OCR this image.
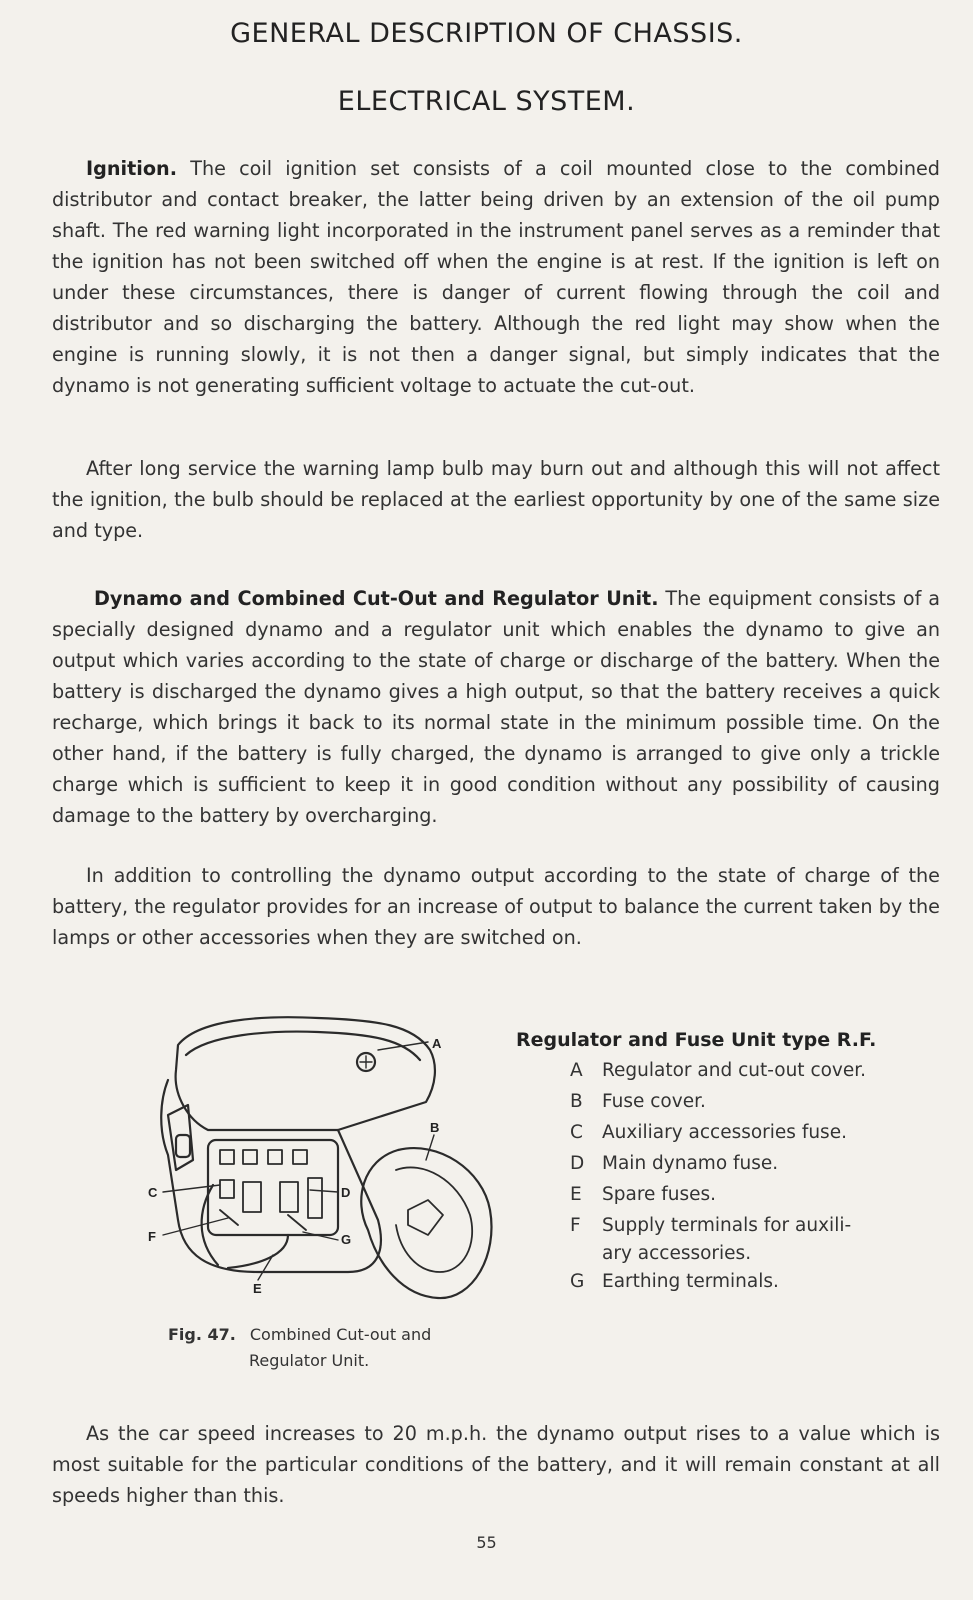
GENERAL DESCRIPTION OF CHASSIS.
ELECTRICAL SYSTEM.

Ignition. The coil ignition set consists of a coil mounted close to the combined distributor and contact breaker, the latter being driven by an extension of the oil pump shaft. The red warning light incorporated in the instrument panel serves as a reminder that the ignition has not been switched off when the engine is at rest. If the ignition is left on under these circumstances, there is danger of current flowing through the coil and distributor and so discharging the battery. Although the red light may show when the engine is running slowly, it is not then a danger signal, but simply indicates that the dynamo is not generating sufficient voltage to actuate the cut-out.

After long service the warning lamp bulb may burn out and although this will not affect the ignition, the bulb should be replaced at the earliest opportunity by one of the same size and type.

Dynamo and Combined Cut-Out and Regulator Unit. The equipment consists of a specially designed dynamo and a regulator unit which enables the dynamo to give an output which varies according to the state of charge or discharge of the battery. When the battery is discharged the dynamo gives a high output, so that the battery receives a quick recharge, which brings it back to its normal state in the minimum possible time. On the other hand, if the battery is fully charged, the dynamo is arranged to give only a trickle charge which is sufficient to keep it in good condition without any possibility of causing damage to the battery by overcharging.

In addition to controlling the dynamo output according to the state of charge of the battery, the regulator provides for an increase of output to balance the current taken by the lamps or other accessories when they are switched on.

A
B
C	D
E
F	G
Fig. 47. Combined Cut-out and
Regulator Unit.
Regulator and Fuse Unit type R.F.
A Regulator and cut-out cover.
B Fuse cover.
C Auxiliary accessories fuse.
D Main dynamo fuse.
E Spare fuses.
F Supply terminals for auxili-
ary accessories.
G Earthing terminals.

As the car speed increases to 20 m.p.h. the dynamo output rises to a value which is most suitable for the particular conditions of the battery, and it will remain constant at all speeds higher than this.

55
